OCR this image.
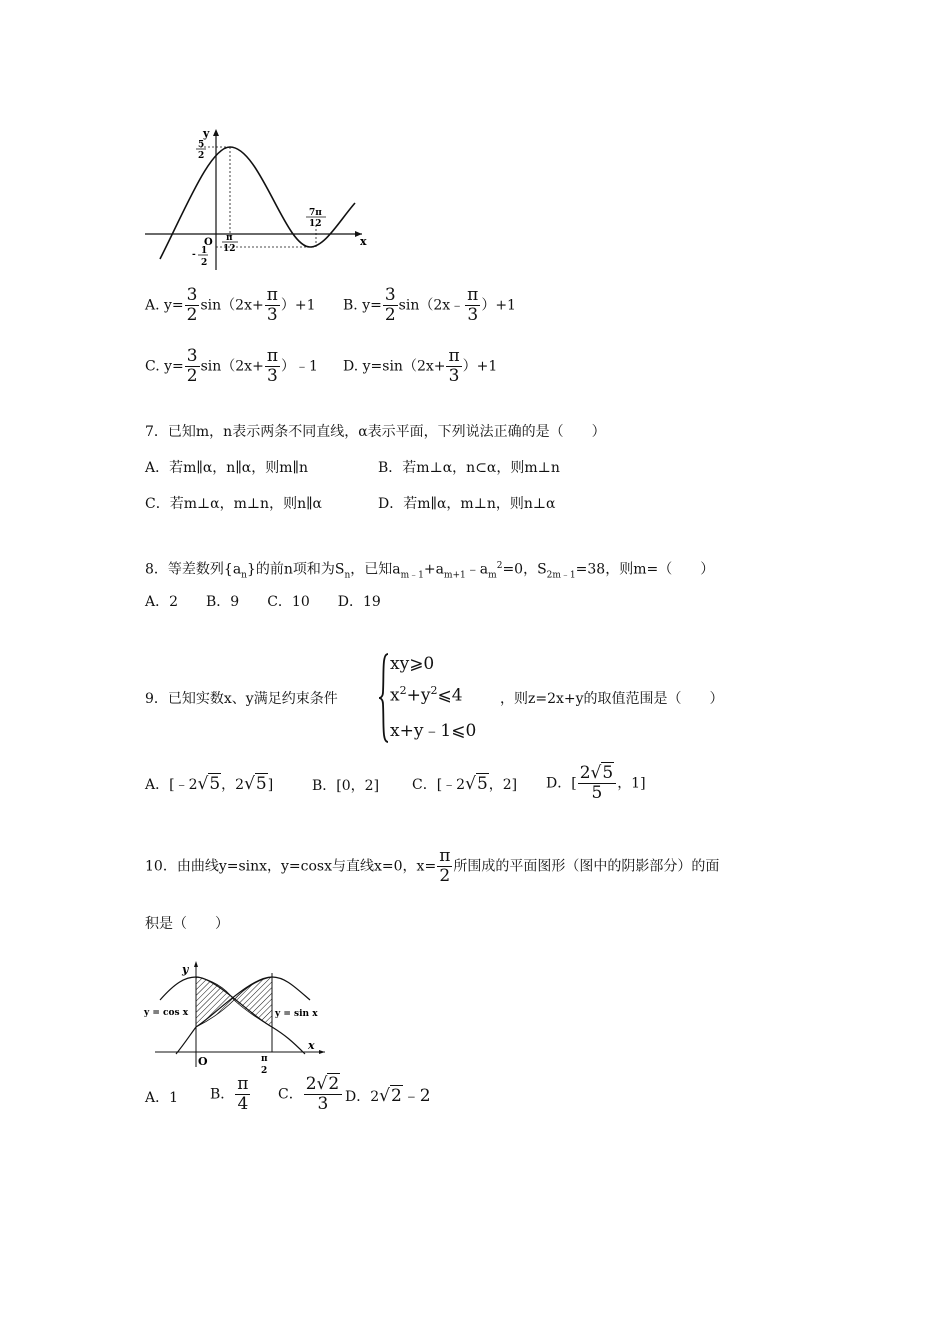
y
x
O
5
2
- 1
2
π
12
7π
12
A. $y= \frac{3}{2} \sin(2x+ \frac{\pi}{3} )+1$ B. $y= \frac{3}{2}$ sin（2x﹣ $\frac{\pi}{3} )+1$
C. $y= \frac{3}{2} \sin(2x+ \frac{\pi}{3}$ ）﹣1 D. $y=\sin(2x+ \frac{\pi}{3} )+1$
7．已知m，n表示两条不同直线，α表示平面，下列说法正确的是（　　）
A．若m∥α，n∥α，则m∥n	B．若m⊥α，n⊂α，则m⊥n
C．若m⊥α，m⊥n，则n∥α	D．若m∥α，m⊥n，则n⊥α
8．等差数列$\{a_n\}$的前n项和为$S_n$，已知$a_{m﹣1}+a_{m+1}﹣a_m^2=0$，$S_{2m﹣1}=38$，则m=（　　）
A．2　　B．9　　C．10　　D．19
9．已知实数x、y满足约束条件
xy⩾0
$x^2+y^2⩽4$
x+y﹣1⩽0
，则z=2x+y的取值范围是（　　）
A．[﹣2√5，2√5]	B．[0，2] C．[﹣2√5，2] D．[ $\frac{2√5}{5}$ ，1]
10．由曲线y=sinx，y=cosx与直线x=0，$x= \frac{\pi}{2}$ 所围成的平面图形（图中的阴影部分）的面
积是（　　）
y
x
O
y = cos x	y = sin x
π
2
A．1 B． $\frac{\pi}{4}$ C． $\frac{2√2}{3}$ D．2√2﹣2
